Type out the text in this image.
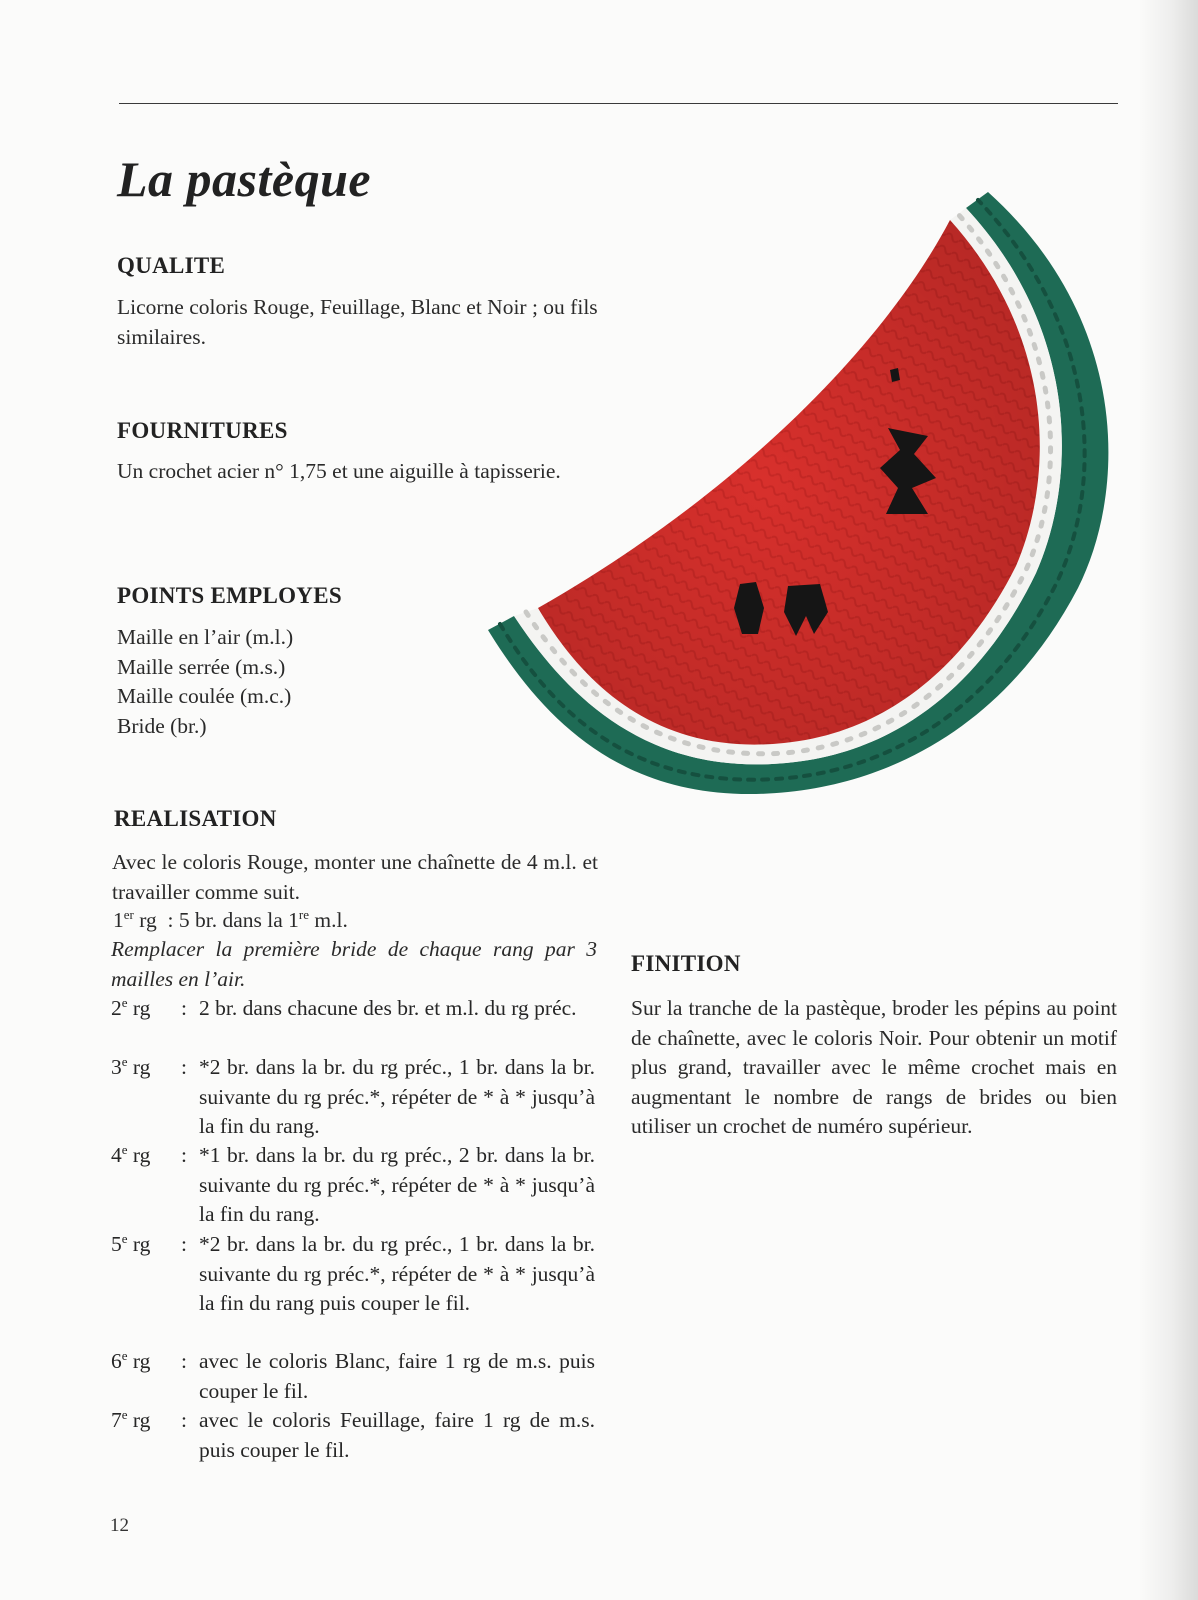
La pastèque
QUALITE

Licorne coloris Rouge, Feuillage, Blanc et Noir ; ou fils similaires.

FOURNITURES

Un crochet acier n° 1,75 et une aiguille à tapisserie.

POINTS EMPLOYES
Maille en l’air (m.l.)
Maille serrée (m.s.)
Maille coulée (m.c.)
Bride (br.)
REALISATION

Avec le coloris Rouge, monter une chaînette de 4 m.l. et travailler comme suit.

1er rg : 5 br. dans la 1re m.l.

Remplacer la première bride de chaque rang par 3 mailles en l’air.

2e rg : 2 br. dans chacune des br. et m.l. du rg préc.
3e rg : *2 br. dans la br. du rg préc., 1 br. dans la br. suivante du rg préc.*, répéter de * à * jusqu’à la fin du rang.
4e rg : *1 br. dans la br. du rg préc., 2 br. dans la br. suivante du rg préc.*, répéter de * à * jusqu’à la fin du rang.
5e rg : *2 br. dans la br. du rg préc., 1 br. dans la br. suivante du rg préc.*, répéter de * à * jusqu’à la fin du rang puis couper le fil.
6e rg : avec le coloris Blanc, faire 1 rg de m.s. puis couper le fil.
7e rg : avec le coloris Feuillage, faire 1 rg de m.s. puis couper le fil.
FINITION

Sur la tranche de la pastèque, broder les pépins au point de chaînette, avec le coloris Noir. Pour obtenir un motif plus grand, travailler avec le même crochet mais en augmentant le nombre de rangs de brides ou bien utiliser un crochet de numéro supérieur.

12
